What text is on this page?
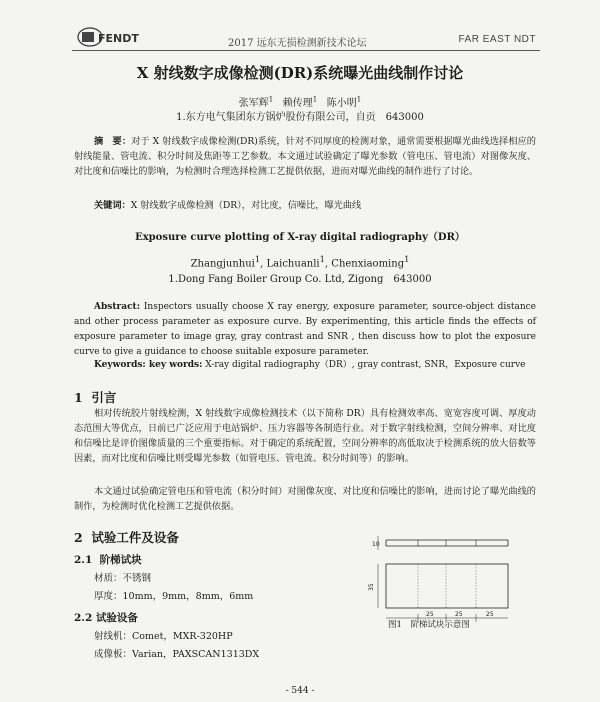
FENDT	2017 远东无损检测新技术论坛	FAR EAST NDT
X 射线数字成像检测(DR)系统曝光曲线制作讨论
张军辉$^1$ 赖传理$^1$ 陈小明$^1$
1.东方电气集团东方锅炉股份有限公司，自贡　643000
摘　要：对于 X 射线数字成像检测(DR)系统，针对不同厚度的检测对象，通常需要根据曝光曲线选择相应的射线能量、管电流、积分时间及焦距等工艺参数。本文通过试验确定了曝光参数（管电压、管电流）对图像灰度、对比度和信噪比的影响，为检测时合理选择检测工艺提供依据，进而对曝光曲线的制作进行了讨论。
关键词：X 射线数字成像检测（DR），对比度，信噪比，曝光曲线
Exposure curve plotting of X-ray digital radiography（DR）
Zhangjunhui$^1$, Laichuanli$^1$, Chenxiaoming$^1$
1.Dong Fang Boiler Group Co. Ltd, Zigong　643000
Abstract: Inspectors usually choose X ray energy, exposure parameter, source-object distance and other process parameter as exposure curve. By experimenting, this article finds the effects of exposure parameter to image gray, gray contrast and SNR , then discuss how to plot the exposure curve to give a guidance to choose suitable exposure parameter.
Keywords: key words: X-ray digital radiography（DR）, gray contrast, SNR，Exposure curve
1 引言
相对传统胶片射线检测，X 射线数字成像检测技术（以下简称 DR）具有检测效率高、宽宽容度可调、厚度动态范围大等优点，日前已广泛应用于电站锅炉、压力容器等各制造行业。对于数字射线检测，空间分辨率、对比度和信噪比是评价图像质量的三个重要指标。对于确定的系统配置，空间分辨率的高低取决于检测系统的放大倍数等因素，而对比度和信噪比则受曝光参数（如管电压、管电流、积分时间等）的影响。
本文通过试验确定管电压和管电流（积分时间）对图像灰度、对比度和信噪比的影响，进而讨论了曝光曲线的制作，为检测时优化检测工艺提供依据。
2 试验工件及设备
2.1 阶梯试块
材质：不锈钢
厚度：10mm，9mm，8mm，6mm
2.2 试验设备
射线机：Comet，MXR-320HP
成像板：Varian，PAXSCAN1313DX
10
35
25	25	25
图1　阶梯试块示意图
- 544 -
